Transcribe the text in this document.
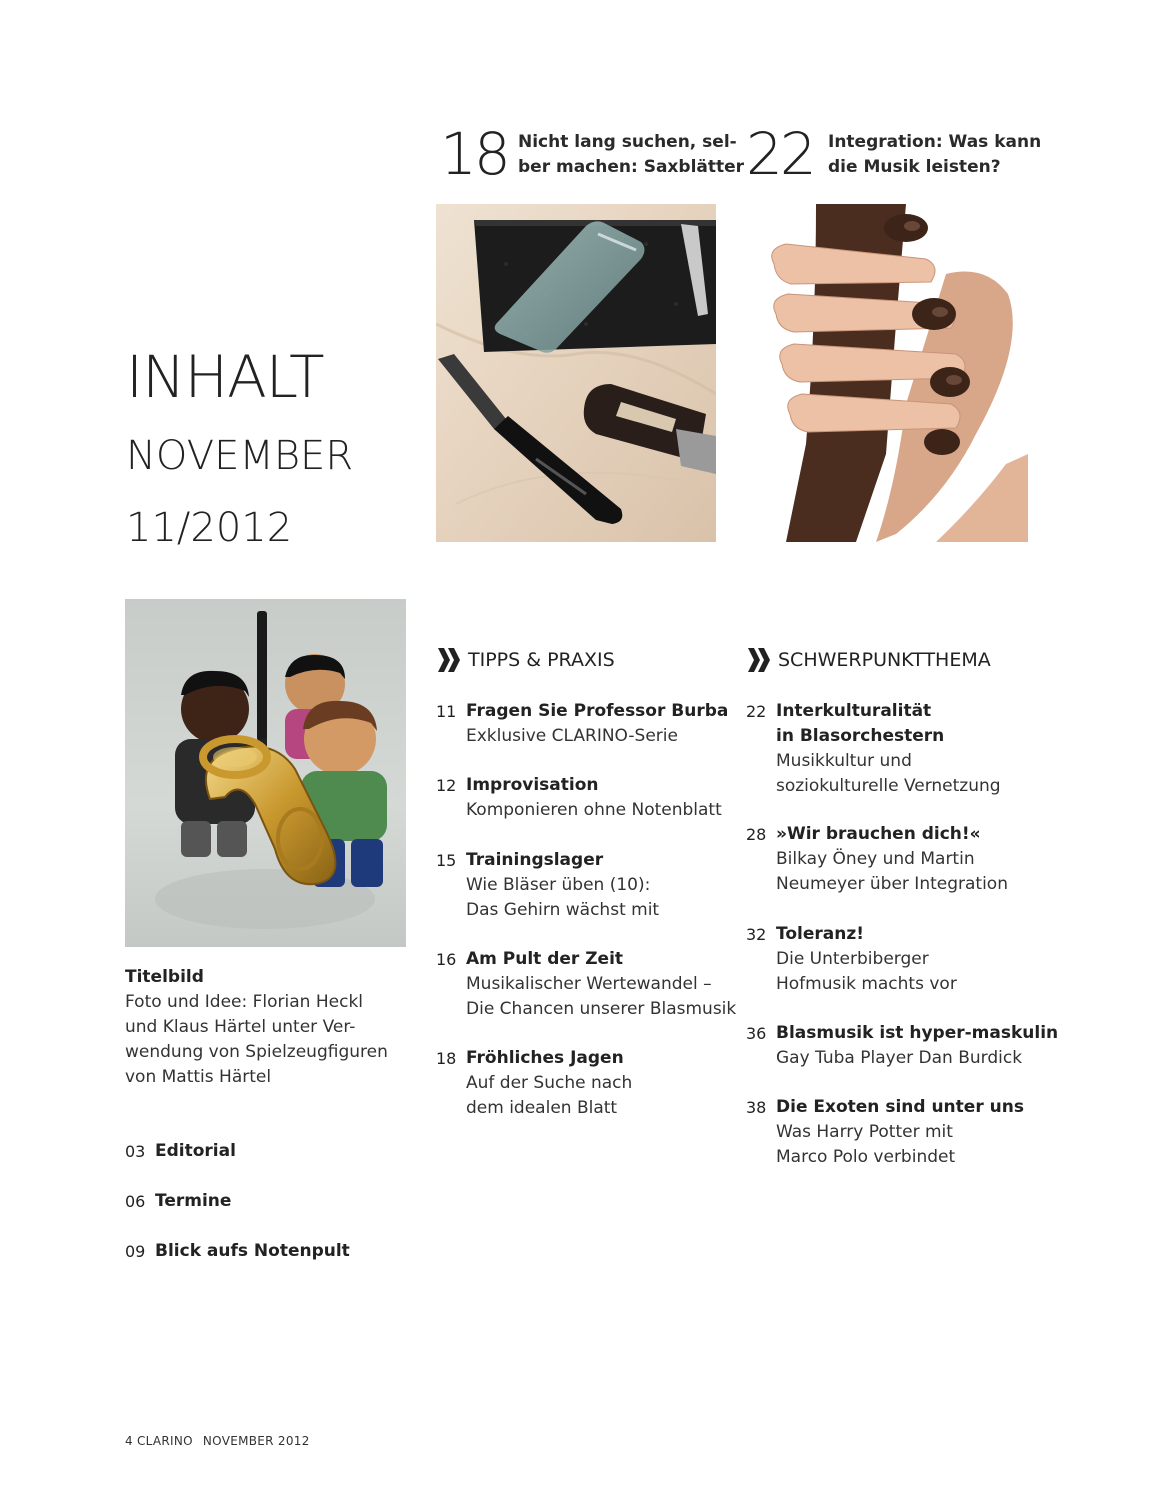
18 Nicht lang suchen, sel-
ber machen: Saxblätter 22 Integration: Was kann
die Musik leisten?
INHALT
NOVEMBER
11/2012
Titelbild
Foto und Idee: Florian Heckl
und Klaus Härtel unter Ver-
wendung von Spielzeugfiguren
von Mattis Härtel
03 Editorial
06 Termine
09 Blick aufs Notenpult
TIPPS & PRAXIS
11 Fragen Sie Professor Burba
Exklusive CLARINO-Serie
12 Improvisation
Komponieren ohne Notenblatt
15 Trainingslager
Wie Bläser üben (10):
Das Gehirn wächst mit
16 Am Pult der Zeit
Musikalischer Wertewandel –
Die Chancen unserer Blasmusik
18 Fröhliches Jagen
Auf der Suche nach
dem idealen Blatt
SCHWERPUNKTTHEMA
22 Interkulturalität
in Blasorchestern
Musikkultur und
soziokulturelle Vernetzung
28 »Wir brauchen dich!«
Bilkay Öney und Martin
Neumeyer über Integration
32 Toleranz!
Die Unterbiberger
Hofmusik machts vor
36 Blasmusik ist hyper-maskulin
Gay Tuba Player Dan Burdick
38 Die Exoten sind unter uns
Was Harry Potter mit
Marco Polo verbindet
4 CLARINO NOVEMBER 2012
